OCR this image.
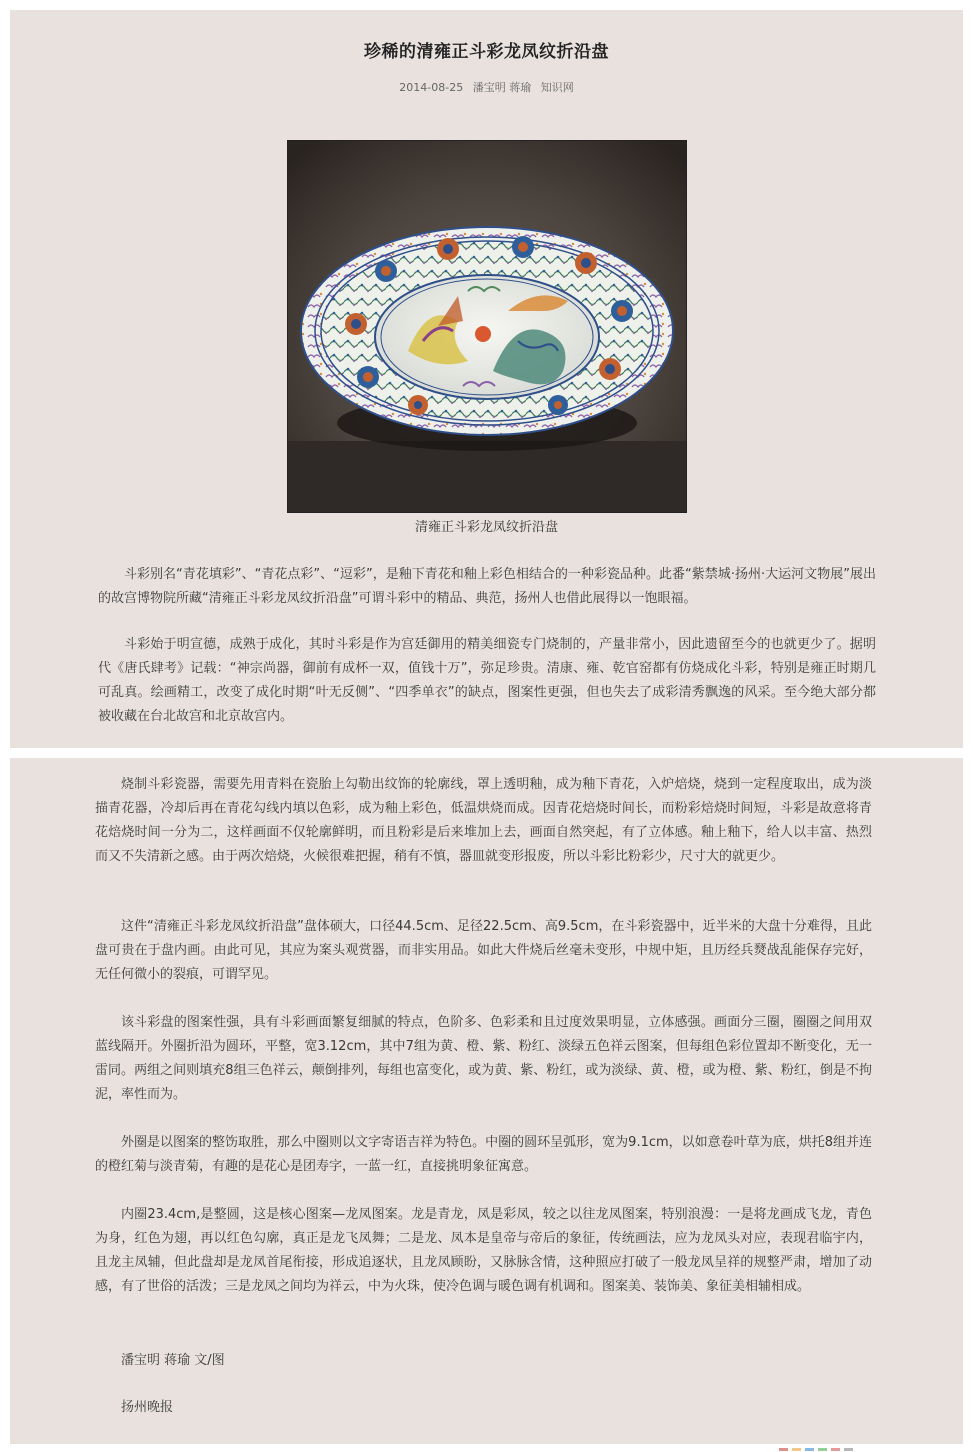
珍稀的清雍正斗彩龙凤纹折沿盘
2014-08-25 潘宝明 蒋瑜 知识网
清雍正斗彩龙凤纹折沿盘

斗彩别名“青花填彩”、“青花点彩”、“逗彩”，是釉下青花和釉上彩色相结合的一种彩瓷品种。此番“紫禁城·扬州·大运河文物展”展出的故宫博物院所藏“清雍正斗彩龙凤纹折沿盘”可谓斗彩中的精品、典范，扬州人也借此展得以一饱眼福。

斗彩始于明宣德，成熟于成化，其时斗彩是作为宫廷御用的精美细瓷专门烧制的，产量非常小，因此遗留至今的也就更少了。据明代《唐氏肆考》记载：“神宗尚器，御前有成杯一双，值钱十万”，弥足珍贵。清康、雍、乾官窑都有仿烧成化斗彩，特别是雍正时期几可乱真。绘画精工，改变了成化时期“叶无反侧”、“四季单衣”的缺点，图案性更强，但也失去了成彩清秀飘逸的风采。至今绝大部分都被收藏在台北故宫和北京故宫内。

烧制斗彩瓷器，需要先用青料在瓷胎上勾勒出纹饰的轮廓线，罩上透明釉，成为釉下青花，入炉焙烧，烧到一定程度取出，成为淡描青花器，冷却后再在青花勾线内填以色彩，成为釉上彩色，低温烘烧而成。因青花焙烧时间长，而粉彩焙烧时间短，斗彩是故意将青花焙烧时间一分为二，这样画面不仅轮廓鲜明，而且粉彩是后来堆加上去，画面自然突起，有了立体感。釉上釉下，给人以丰富、热烈而又不失清新之感。由于两次焙烧，火候很难把握，稍有不慎，器皿就变形报废，所以斗彩比粉彩少，尺寸大的就更少。

这件“清雍正斗彩龙凤纹折沿盘”盘体硕大，口径44.5cm、足径22.5cm、高9.5cm，在斗彩瓷器中，近半米的大盘十分难得，且此盘可贵在于盘内画。由此可见，其应为案头观赏器，而非实用品。如此大件烧后丝毫未变形，中规中矩，且历经兵燹战乱能保存完好，无任何微小的裂痕，可谓罕见。

该斗彩盘的图案性强，具有斗彩画面繁复细腻的特点，色阶多、色彩柔和且过度效果明显，立体感强。画面分三圈，圈圈之间用双蓝线隔开。外圈折沿为圆环，平整，宽3.12cm，其中7组为黄、橙、紫、粉红、淡绿五色祥云图案，但每组色彩位置却不断变化，无一雷同。两组之间则填充8组三色祥云，颠倒排列，每组也富变化，或为黄、紫、粉红，或为淡绿、黄、橙，或为橙、紫、粉红，倒是不拘泥，率性而为。

外圈是以图案的整饬取胜，那么中圈则以文字寄语吉祥为特色。中圈的圆环呈弧形，宽为9.1cm，以如意卷叶草为底，烘托8组并连的橙红菊与淡青菊，有趣的是花心是团寿字，一蓝一红，直接挑明象征寓意。

内圈23.4cm,是整圆，这是核心图案—龙凤图案。龙是青龙，凤是彩凤，较之以往龙凤图案，特别浪漫：一是将龙画成飞龙，青色为身，红色为翅，再以红色勾廓，真正是龙飞凤舞；二是龙、凤本是皇帝与帝后的象征，传统画法，应为龙凤头对应，表现君临宇内，且龙主凤辅，但此盘却是龙凤首尾衔接，形成追逐状，且龙凤顾盼，又脉脉含情，这种照应打破了一般龙凤呈祥的规整严肃，增加了动感，有了世俗的活泼；三是龙凤之间均为祥云，中为火珠，使冷色调与暖色调有机调和。图案美、装饰美、象征美相辅相成。

潘宝明 蒋瑜 文/图

扬州晚报
